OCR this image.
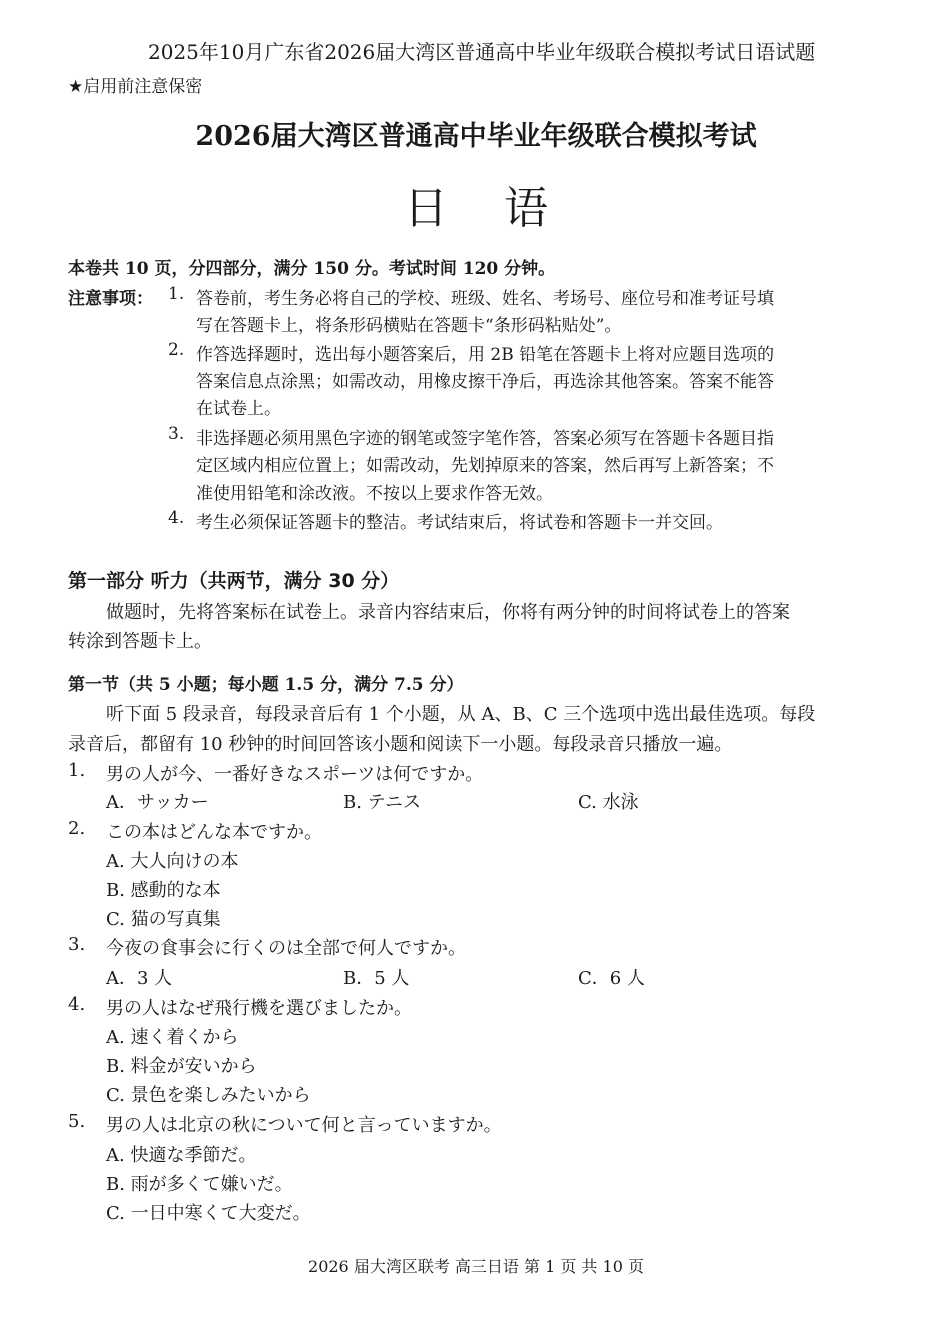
2025年10月广东省2026届大湾区普通高中毕业年级联合模拟考试日语试题
★启用前注意保密
2026届大湾区普通高中毕业年级联合模拟考试
日语
本卷共 10 页，分四部分，满分 150 分。考试时间 120 分钟。
注意事项： 1. 答卷前，考生务必将自己的学校、班级、姓名、考场号、座位号和准考证号填
写在答题卡上，将条形码横贴在答题卡“条形码粘贴处”。
2. 作答选择题时，选出每小题答案后，用 2B 铅笔在答题卡上将对应题目选项的
答案信息点涂黑；如需改动，用橡皮擦干净后，再选涂其他答案。答案不能答
在试卷上。
3. 非选择题必须用黑色字迹的钢笔或签字笔作答，答案必须写在答题卡各题目指
定区域内相应位置上；如需改动，先划掉原来的答案，然后再写上新答案；不
准使用铅笔和涂改液。不按以上要求作答无效。
4. 考生必须保证答题卡的整洁。考试结束后，将试卷和答题卡一并交回。
第一部分 听力（共两节，满分 30 分）
做题时，先将答案标在试卷上。录音内容结束后，你将有两分钟的时间将试卷上的答案
转涂到答题卡上。
第一节（共 5 小题；每小题 1.5 分，满分 7.5 分）
听下面 5 段录音，每段录音后有 1 个小题，从 A、B、C 三个选项中选出最佳选项。每段
录音后，都留有 10 秒钟的时间回答该小题和阅读下一小题。每段录音只播放一遍。
1. 男の人が今、一番好きなスポーツは何ですか。
A．サッカー	B. テニス	C. 水泳
2. この本はどんな本ですか。
A. 大人向けの本
B. 感動的な本
C. 猫の写真集
3. 今夜の食事会に行くのは全部で何人ですか。
A．3 人	B．5 人	C．6 人
4. 男の人はなぜ飛行機を選びましたか。
A. 速く着くから
B. 料金が安いから
C. 景色を楽しみたいから
5. 男の人は北京の秋について何と言っていますか。
A. 快適な季節だ。
B. 雨が多くて嫌いだ。
C. 一日中寒くて大変だ。
2026 届大湾区联考 高三日语 第 1 页 共 10 页
